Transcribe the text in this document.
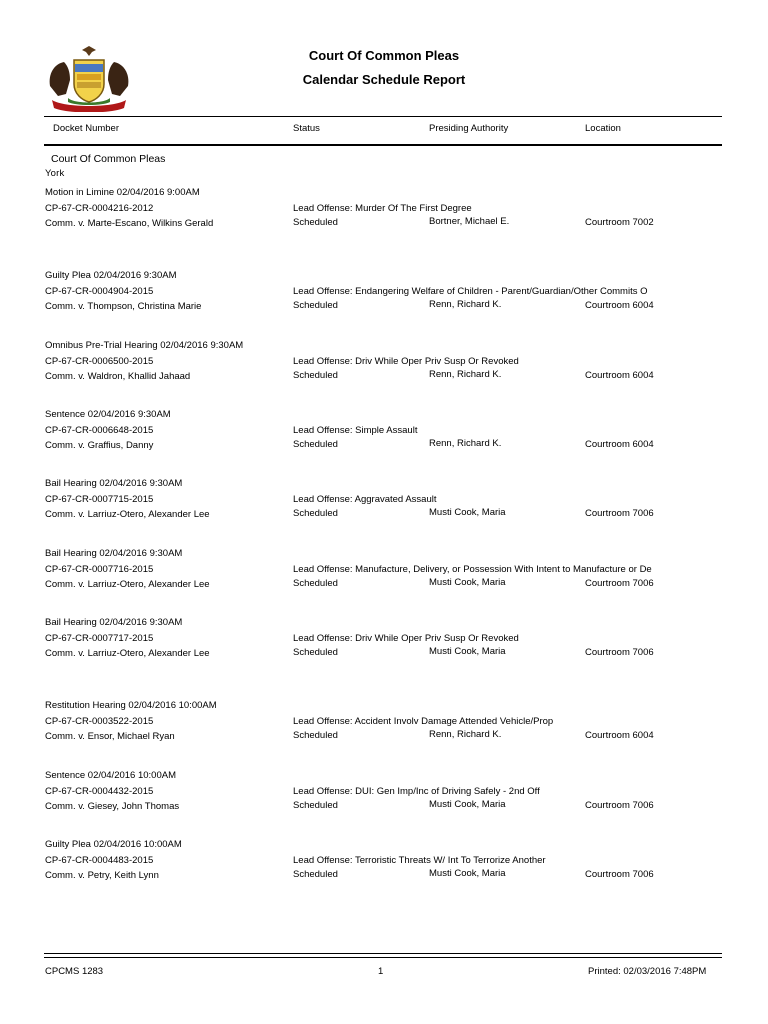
Court Of Common Pleas
Calendar Schedule Report
Docket Number	Status	Presiding Authority	Location
Court Of Common Pleas
York
Motion in Limine 02/04/2016 9:00AM
CP-67-CR-0004216-2012
Comm. v. Marte-Escano, Wilkins Gerald
Lead Offense: Murder Of The First Degree
Scheduled	Bortner, Michael E.	Courtroom 7002
Guilty Plea 02/04/2016 9:30AM
CP-67-CR-0004904-2015
Comm. v. Thompson, Christina Marie
Lead Offense: Endangering Welfare of Children - Parent/Guardian/Other Commits O
Scheduled	Renn, Richard K.	Courtroom 6004
Omnibus Pre-Trial Hearing 02/04/2016 9:30AM
CP-67-CR-0006500-2015
Comm. v. Waldron, Khallid Jahaad
Lead Offense: Driv While Oper Priv Susp Or Revoked
Scheduled	Renn, Richard K.	Courtroom 6004
Sentence 02/04/2016 9:30AM
CP-67-CR-0006648-2015
Comm. v. Graffius, Danny
Lead Offense: Simple Assault
Scheduled	Renn, Richard K.	Courtroom 6004
Bail Hearing 02/04/2016 9:30AM
CP-67-CR-0007715-2015
Comm. v. Larriuz-Otero, Alexander Lee
Lead Offense: Aggravated Assault
Scheduled	Musti Cook, Maria	Courtroom 7006
Bail Hearing 02/04/2016 9:30AM
CP-67-CR-0007716-2015
Comm. v. Larriuz-Otero, Alexander Lee
Lead Offense: Manufacture, Delivery, or Possession With Intent to Manufacture or De
Scheduled	Musti Cook, Maria	Courtroom 7006
Bail Hearing 02/04/2016 9:30AM
CP-67-CR-0007717-2015
Comm. v. Larriuz-Otero, Alexander Lee
Lead Offense: Driv While Oper Priv Susp Or Revoked
Scheduled	Musti Cook, Maria	Courtroom 7006
Restitution Hearing 02/04/2016 10:00AM
CP-67-CR-0003522-2015
Comm. v. Ensor, Michael Ryan
Lead Offense: Accident Involv Damage Attended Vehicle/Prop
Scheduled	Renn, Richard K.	Courtroom 6004
Sentence 02/04/2016 10:00AM
CP-67-CR-0004432-2015
Comm. v. Giesey, John Thomas
Lead Offense: DUI: Gen Imp/Inc of Driving Safely - 2nd Off
Scheduled	Musti Cook, Maria	Courtroom 7006
Guilty Plea 02/04/2016 10:00AM
CP-67-CR-0004483-2015
Comm. v. Petry, Keith Lynn
Lead Offense: Terroristic Threats W/ Int To Terrorize Another
Scheduled	Musti Cook, Maria	Courtroom 7006
CPCMS 1283	1	Printed: 02/03/2016 7:48PM
